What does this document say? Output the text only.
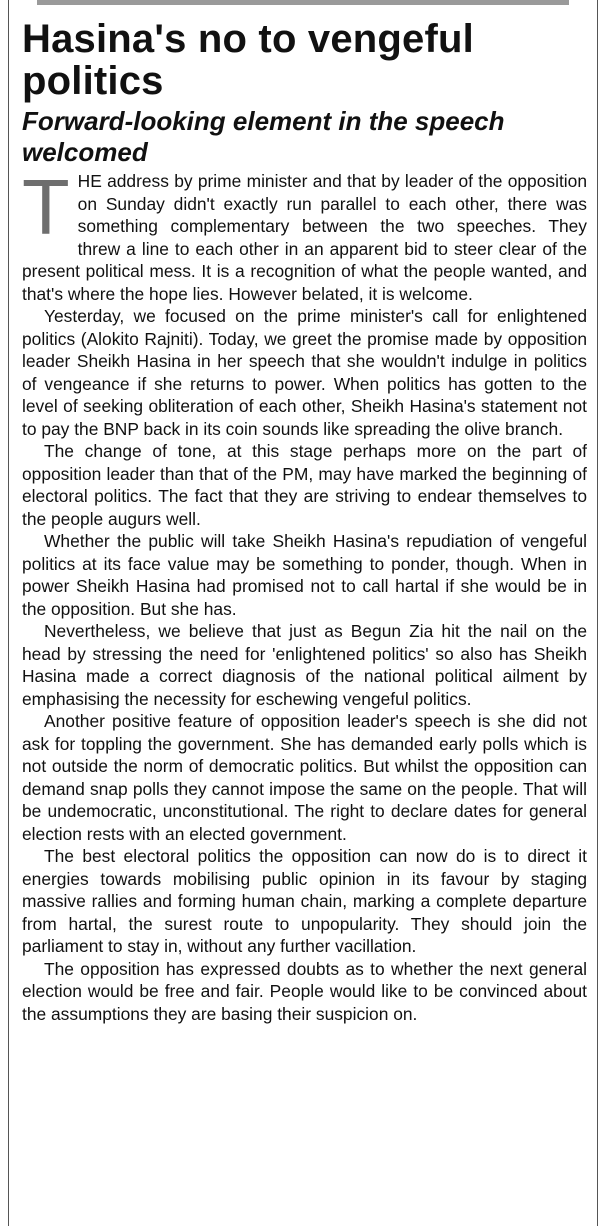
Hasina's no to vengeful politics
Forward-looking element in the speech welcomed

THE address by prime minister and that by leader of the opposition on Sunday didn't exactly run parallel to each other, there was something complementary between the two speeches. They threw a line to each other in an apparent bid to steer clear of the present political mess. It is a recognition of what the people wanted, and that's where the hope lies. However belated, it is welcome.

Yesterday, we focused on the prime minister's call for enlightened politics (Alokito Rajniti). Today, we greet the promise made by opposition leader Sheikh Hasina in her speech that she wouldn't indulge in politics of vengeance if she returns to power. When politics has gotten to the level of seeking obliteration of each other, Sheikh Hasina's statement not to pay the BNP back in its coin sounds like spreading the olive branch.

The change of tone, at this stage perhaps more on the part of opposition leader than that of the PM, may have marked the beginning of electoral politics. The fact that they are striving to endear themselves to the people augurs well.

Whether the public will take Sheikh Hasina's repudiation of vengeful politics at its face value may be something to ponder, though. When in power Sheikh Hasina had promised not to call hartal if she would be in the opposition. But she has.

Nevertheless, we believe that just as Begun Zia hit the nail on the head by stressing the need for 'enlightened politics' so also has Sheikh Hasina made a correct diagnosis of the national political ailment by emphasising the necessity for eschewing vengeful politics.

Another positive feature of opposition leader's speech is she did not ask for toppling the government. She has demanded early polls which is not outside the norm of democratic politics. But whilst the opposition can demand snap polls they cannot impose the same on the people. That will be undemocratic, unconstitutional. The right to declare dates for general election rests with an elected government.

The best electoral politics the opposition can now do is to direct it energies towards mobilising public opinion in its favour by staging massive rallies and forming human chain, marking a complete departure from hartal, the surest route to unpopularity. They should join the parliament to stay in, without any further vacillation.

The opposition has expressed doubts as to whether the next general election would be free and fair. People would like to be convinced about the assumptions they are basing their suspicion on.
